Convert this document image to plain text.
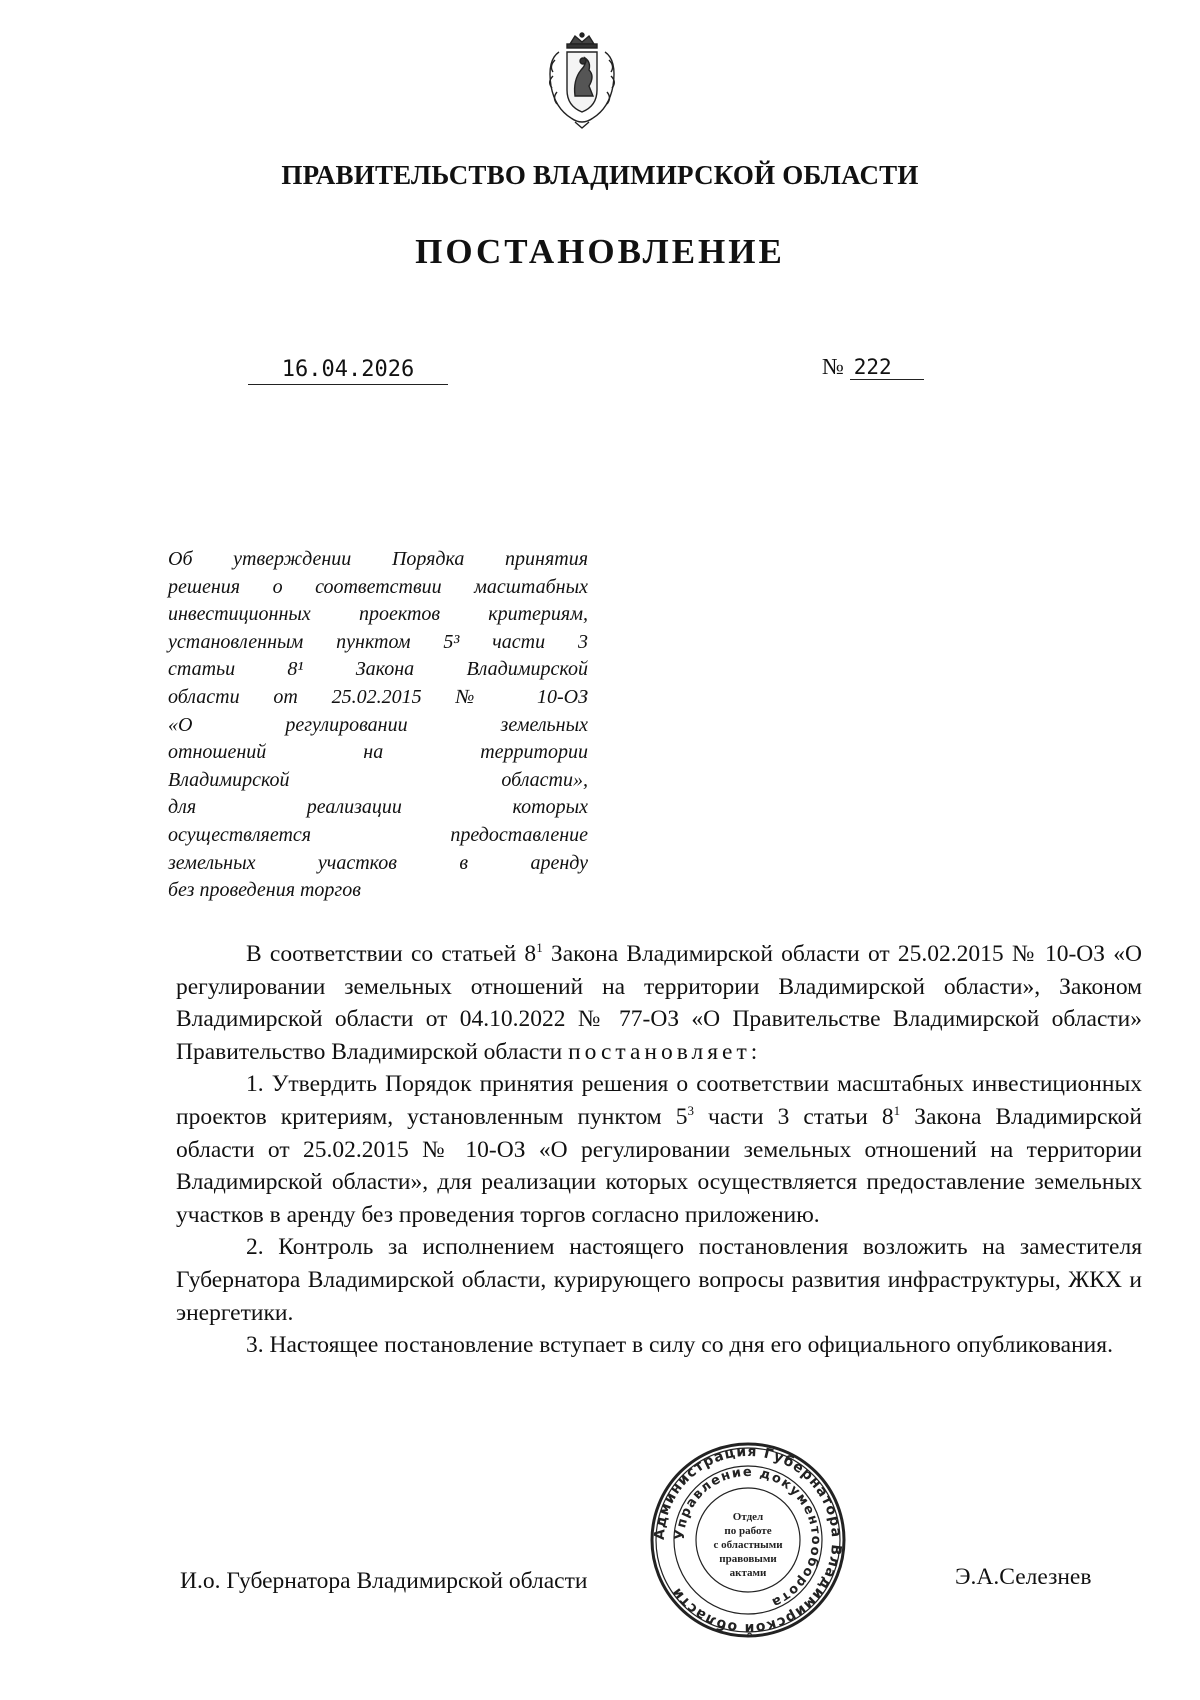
ПРАВИТЕЛЬСТВО ВЛАДИМИРСКОЙ ОБЛАСТИ
ПОСТАНОВЛЕНИЕ
16.04.2026	№ 222
Об утверждении Порядка принятия
решения о соответствии масштабных
инвестиционных проектов критериям,
установленным пунктом 5³ части 3
статьи 8¹ Закона Владимирской
области от 25.02.2015 № 10-ОЗ
«О регулировании земельных
отношений на территории
Владимирской области»,
для реализации которых
осуществляется предоставление
земельных участков в аренду
без проведения торгов

В соответствии со статьей $8^1$ Закона Владимирской области от 25.02.2015 № 10-ОЗ «О регулировании земельных отношений на территории Владимирской области», Законом Владимирской области от 04.10.2022 № 77-ОЗ «О Правительстве Владимирской области» Правительство Владимирской области постановляет:

1. Утвердить Порядок принятия решения о соответствии масштабных инвестиционных проектов критериям, установленным пунктом $5^3$ части 3 статьи $8^1$ Закона Владимирской области от 25.02.2015 № 10-ОЗ «О регулировании земельных отношений на территории Владимирской области», для реализации которых осуществляется предоставление земельных участков в аренду без проведения торгов согласно приложению.

2. Контроль за исполнением настоящего постановления возложить на заместителя Губернатора Владимирской области, курирующего вопросы развития инфраструктуры, ЖКХ и энергетики.

3. Настоящее постановление вступает в силу со дня его официального опубликования.

И.о. Губернатора Владимирской области	Э.А.Селезнев
Администрация Губернатора Владимирской области
Управление документооборота
Отдел
по работе
с областными
правовыми
актами
